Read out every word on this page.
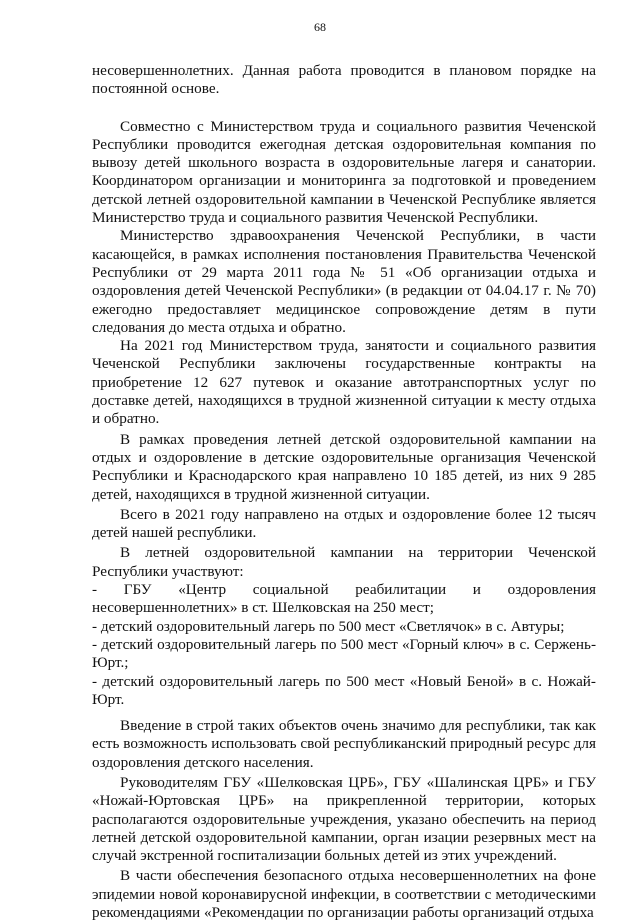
68

несовершеннолетних. Данная работа проводится в плановом порядке на постоянной основе.

Совместно с Министерством труда и социального развития Чеченской Республики проводится ежегодная детская оздоровительная компания по вывозу детей школьного возраста в оздоровительные лагеря и санатории. Координатором организации и мониторинга за подготовкой и проведением детской летней оздоровительной кампании в Чеченской Республике является Министерство труда и социального развития Чеченской Республики.

Министерство здравоохранения Чеченской Республики, в части касающейся, в рамках исполнения постановления Правительства Чеченской Республики от 29 марта 2011 года № 51 «Об организации отдыха и оздоровления детей Чеченской Республики» (в редакции от 04.04.17 г. № 70) ежегодно предоставляет медицинское сопровождение детям в пути следования до места отдыха и обратно.

На 2021 год Министерством труда, занятости и социального развития Чеченской Республики заключены государственные контракты на приобретение 12 627 путевок и оказание автотранспортных услуг по доставке детей, находящихся в трудной жизненной ситуации к месту отдыха и обратно.

В рамках проведения летней детской оздоровительной кампании на отдых и оздоровление в детские оздоровительные организация Чеченской Республики и Краснодарского края направлено 10 185 детей, из них 9 285 детей, находящихся в трудной жизненной ситуации.

Всего в 2021 году направлено на отдых и оздоровление более 12 тысяч детей нашей республики.

В летней оздоровительной кампании на территории Чеченской Республики участвуют:

- ГБУ «Центр социальной реабилитации и оздоровления несовершеннолетних» в ст. Шелковская на 250 мест;

- детский оздоровительный лагерь по 500 мест «Светлячок» в с. Автуры;

- детский оздоровительный лагерь по 500 мест «Горный ключ» в с. Сержень-Юрт.;

- детский оздоровительный лагерь по 500 мест «Новый Беной» в с. Ножай-Юрт.

Введение в строй таких объектов очень значимо для республики, так как есть возможность использовать свой республиканский природный ресурс для оздоровления детского населения.

Руководителям ГБУ «Шелковская ЦРБ», ГБУ «Шалинская ЦРБ» и ГБУ «Ножай-Юртовская ЦРБ» на прикрепленной территории, которых располагаются оздоровительные учреждения, указано обеспечить на период летней детской оздоровительной кампании, орган изации резервных мест на случай экстренной госпитализации больных детей из этих учреждений.

В части обеспечения безопасного отдыха несовершеннолетних на фоне эпидемии новой коронавирусной инфекции, в соответствии с методическими рекомендациями «Рекомендации по организации работы организаций отдыха
